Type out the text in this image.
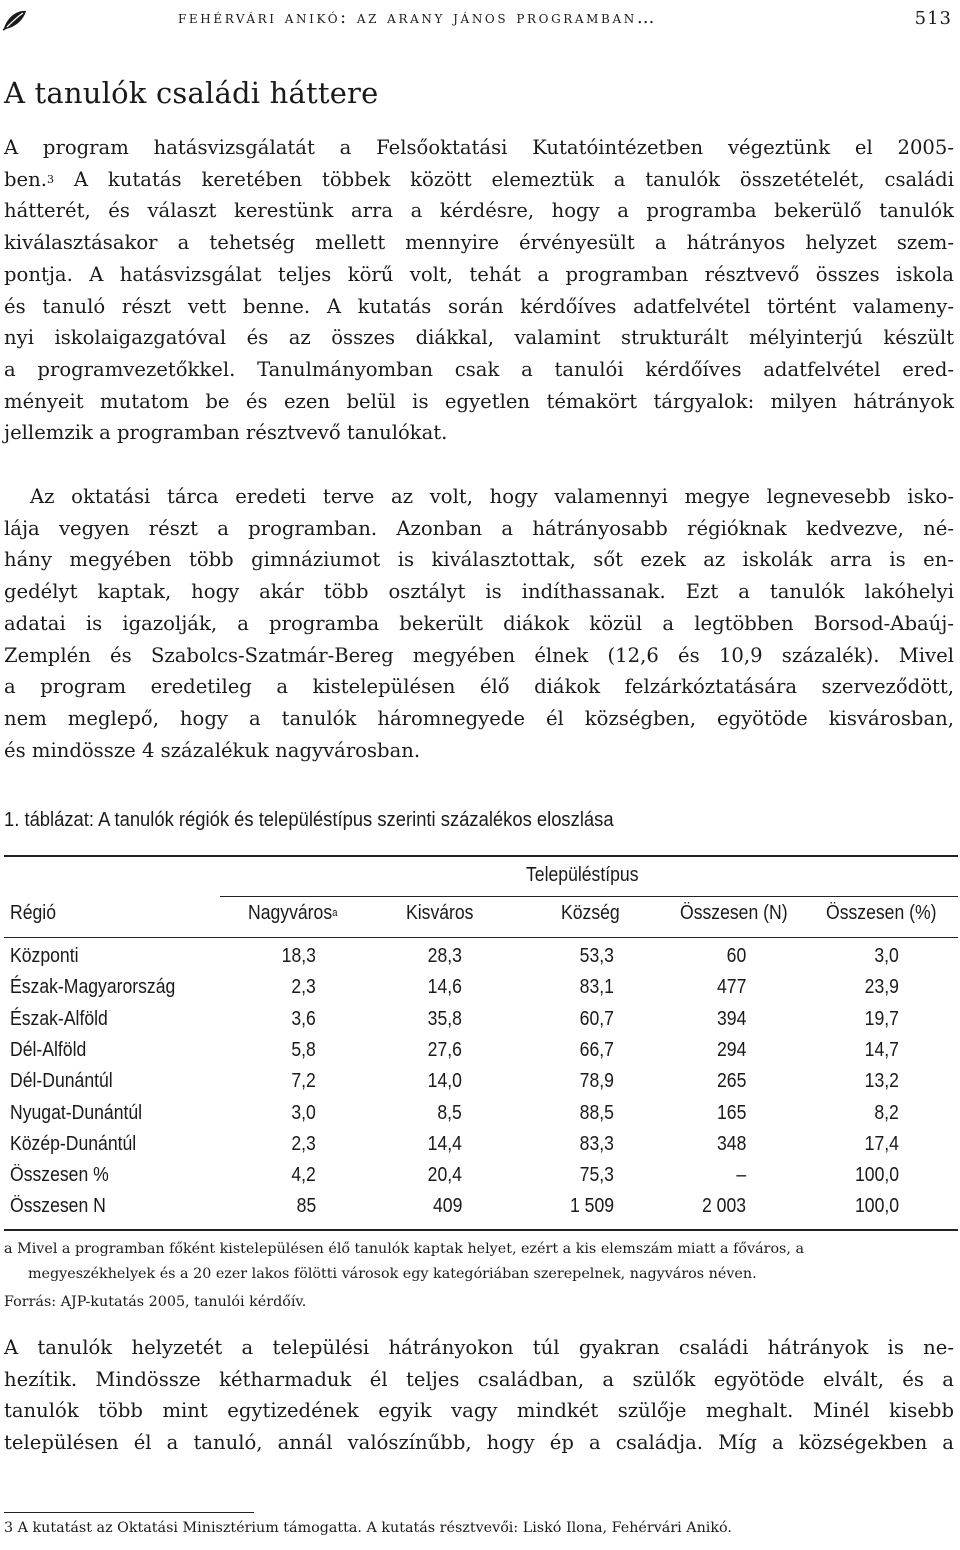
fehérvári anikó: az arany jános programban…	513
A tanulók családi háttere
A program hatásvizsgálatát a Felsőoktatási Kutatóintézetben végeztünk el 2005-
ben.$^3$ A kutatás keretében többek között elemeztük a tanulók összetételét, családi
hátterét, és választ kerestünk arra a kérdésre, hogy a programba bekerülő tanulók
kiválasztásakor a tehetség mellett mennyire érvényesült a hátrányos helyzet szem-
pontja. A hatásvizsgálat teljes körű volt, tehát a programban résztvevő összes iskola
és tanuló részt vett benne. A kutatás során kérdőíves adatfelvétel történt valameny-
nyi iskolaigazgatóval és az összes diákkal, valamint strukturált mélyinterjú készült
a programvezetőkkel. Tanulmányomban csak a tanulói kérdőíves adatfelvétel ered-
ményeit mutatom be és ezen belül is egyetlen témakört tárgyalok: milyen hátrányok
jellemzik a programban résztvevő tanulókat.
Az oktatási tárca eredeti terve az volt, hogy valamennyi megye legnevesebb isko-
lája vegyen részt a programban. Azonban a hátrányosabb régióknak kedvezve, né-
hány megyében több gimnáziumot is kiválasztottak, sőt ezek az iskolák arra is en-
gedélyt kaptak, hogy akár több osztályt is indíthassanak. Ezt a tanulók lakóhelyi
adatai is igazolják, a programba bekerült diákok közül a legtöbben Borsod-Abaúj-
Zemplén és Szabolcs-Szatmár-Bereg megyében élnek (12,6 és 10,9 százalék). Mivel
a program eredetileg a kistelepülésen élő diákok felzárkóztatására szerveződött,
nem meglepő, hogy a tanulók háromnegyede él községben, egyötöde kisvárosban,
és mindössze 4 százalékuk nagyvárosban.
1. táblázat: A tanulók régiók és településtípus szerinti százalékos eloszlása
Településtípus
Régió	Nagyváros$^a$	Kisváros	Község	Összesen (N) Összesen (%)
Központi	18,3	28,3	53,3	60	3,0
Észak-Magyarország	2,3	14,6	83,1	477	23,9
Észak-Alföld	3,6	35,8	60,7	394	19,7
Dél-Alföld	5,8	27,6	66,7	294	14,7
Dél-Dunántúl	7,2	14,0	78,9	265	13,2
Nyugat-Dunántúl	3,0	8,5	88,5	165	8,2
Közép-Dunántúl	2,3	14,4	83,3	348	17,4
Összesen %	4,2	20,4	75,3	–	100,0
Összesen N	85	409	1 509	2 003	100,0
a Mivel a programban főként kistelepülésen élő tanulók kaptak helyet, ezért a kis elemszám miatt a főváros, a
megyeszékhelyek és a 20 ezer lakos fölötti városok egy kategóriában szerepelnek, nagyváros néven.
Forrás: AJP-kutatás 2005, tanulói kérdőív.
A tanulók helyzetét a települési hátrányokon túl gyakran családi hátrányok is ne-
hezítik. Mindössze kétharmaduk él teljes családban, a szülők egyötöde elvált, és a
tanulók több mint egytizedének egyik vagy mindkét szülője meghalt. Minél kisebb
településen él a tanuló, annál valószínűbb, hogy ép a családja. Míg a községekben a
3 A kutatást az Oktatási Minisztérium támogatta. A kutatás résztvevői: Liskó Ilona, Fehérvári Anikó.
